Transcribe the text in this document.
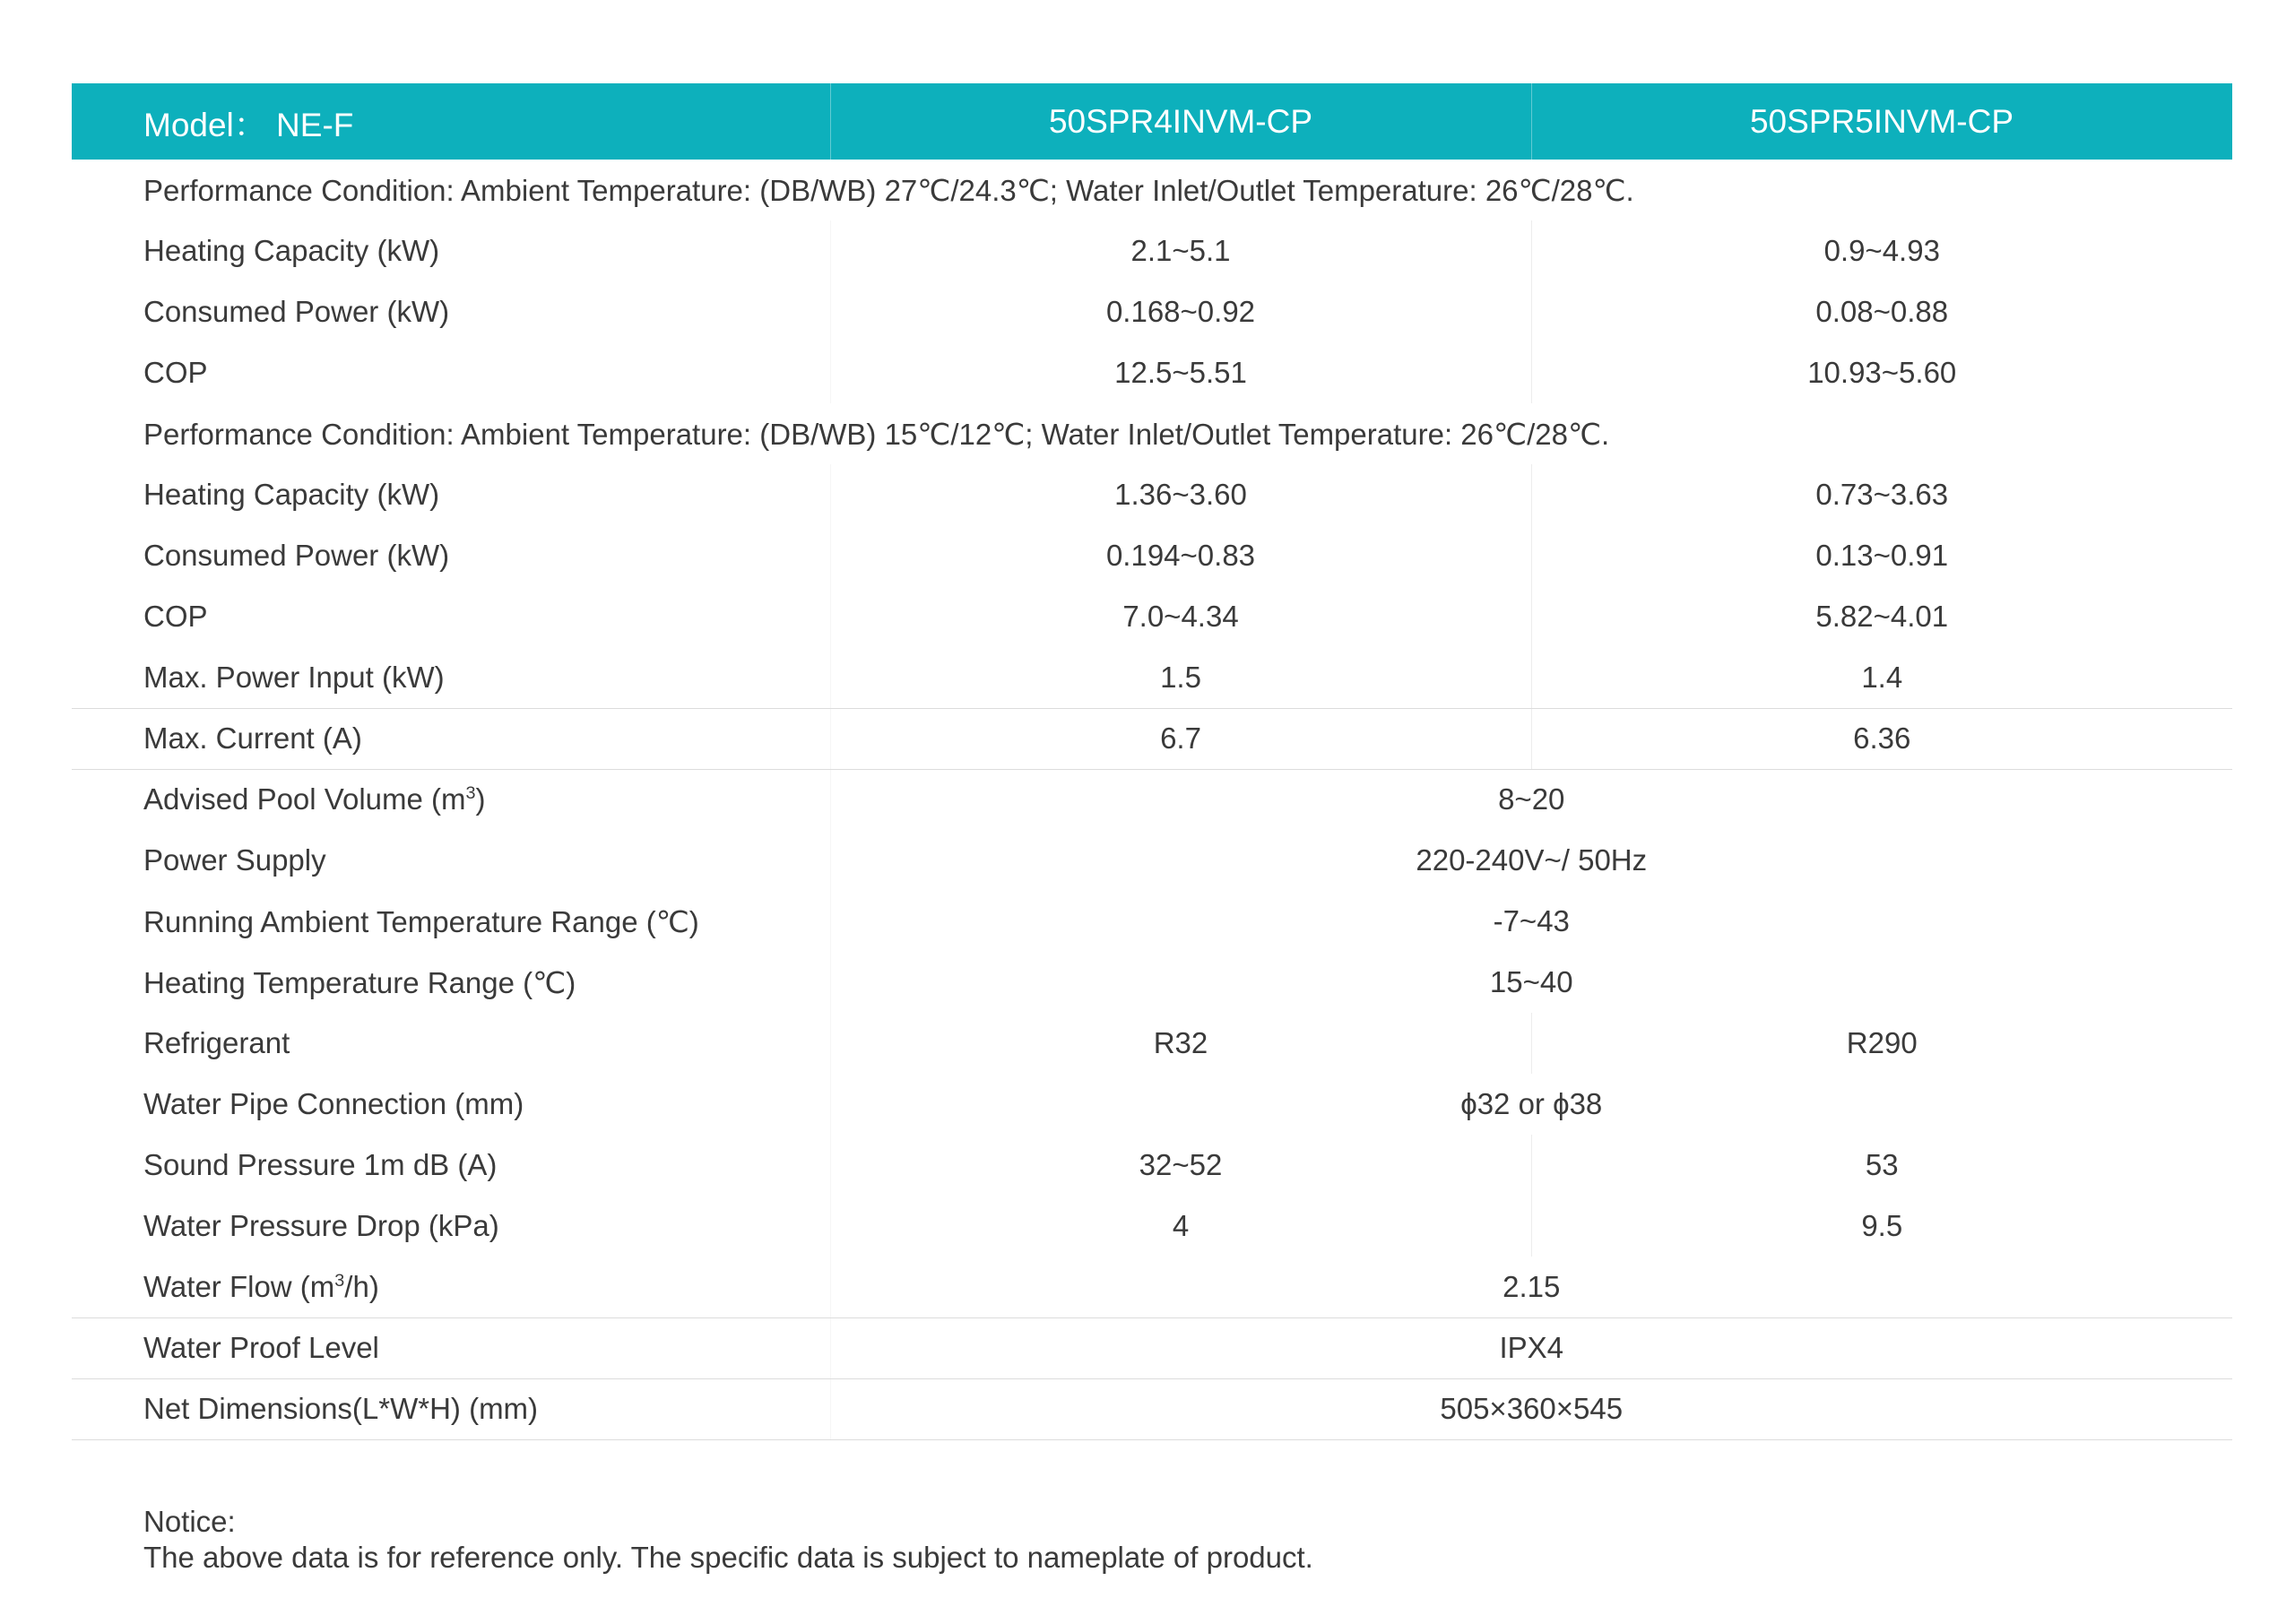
Model： NE-F	50SPR4INVM-CP	50SPR5INVM-CP
Performance Condition: Ambient Temperature: (DB/WB) 27℃/24.3℃; Water Inlet/Outlet Temperature: 26℃/28℃.		
Heating Capacity (kW)	2.1~5.1	0.9~4.93
Consumed Power (kW)	0.168~0.92	0.08~0.88
COP	12.5~5.51	10.93~5.60
Performance Condition: Ambient Temperature: (DB/WB) 15℃/12℃; Water Inlet/Outlet Temperature: 26℃/28℃.		
Heating Capacity (kW)	1.36~3.60	0.73~3.63
Consumed Power (kW)	0.194~0.83	0.13~0.91
COP	7.0~4.34	5.82~4.01
Max. Power Input (kW)	1.5	1.4
Max. Current (A)	6.7	6.36
Advised Pool Volume $(m^3)$	8~20	
Power Supply	220-240V~/ 50Hz	
Running Ambient Temperature Range (℃)	-7~43	
Heating Temperature Range (℃)	15~40	
Refrigerant	R32	R290
Water Pipe Connection (mm)	ϕ32 or ϕ38	
Sound Pressure 1m dB (A)	32~52	53
Water Pressure Drop (kPa)	4	9.5
Water Flow $(m^3/h)$	2.15	
Water Proof Level	IPX4	
Net Dimensions(L*W*H) (mm)	505×360×545	
Notice:
The above data is for reference only. The specific data is subject to nameplate of product.
